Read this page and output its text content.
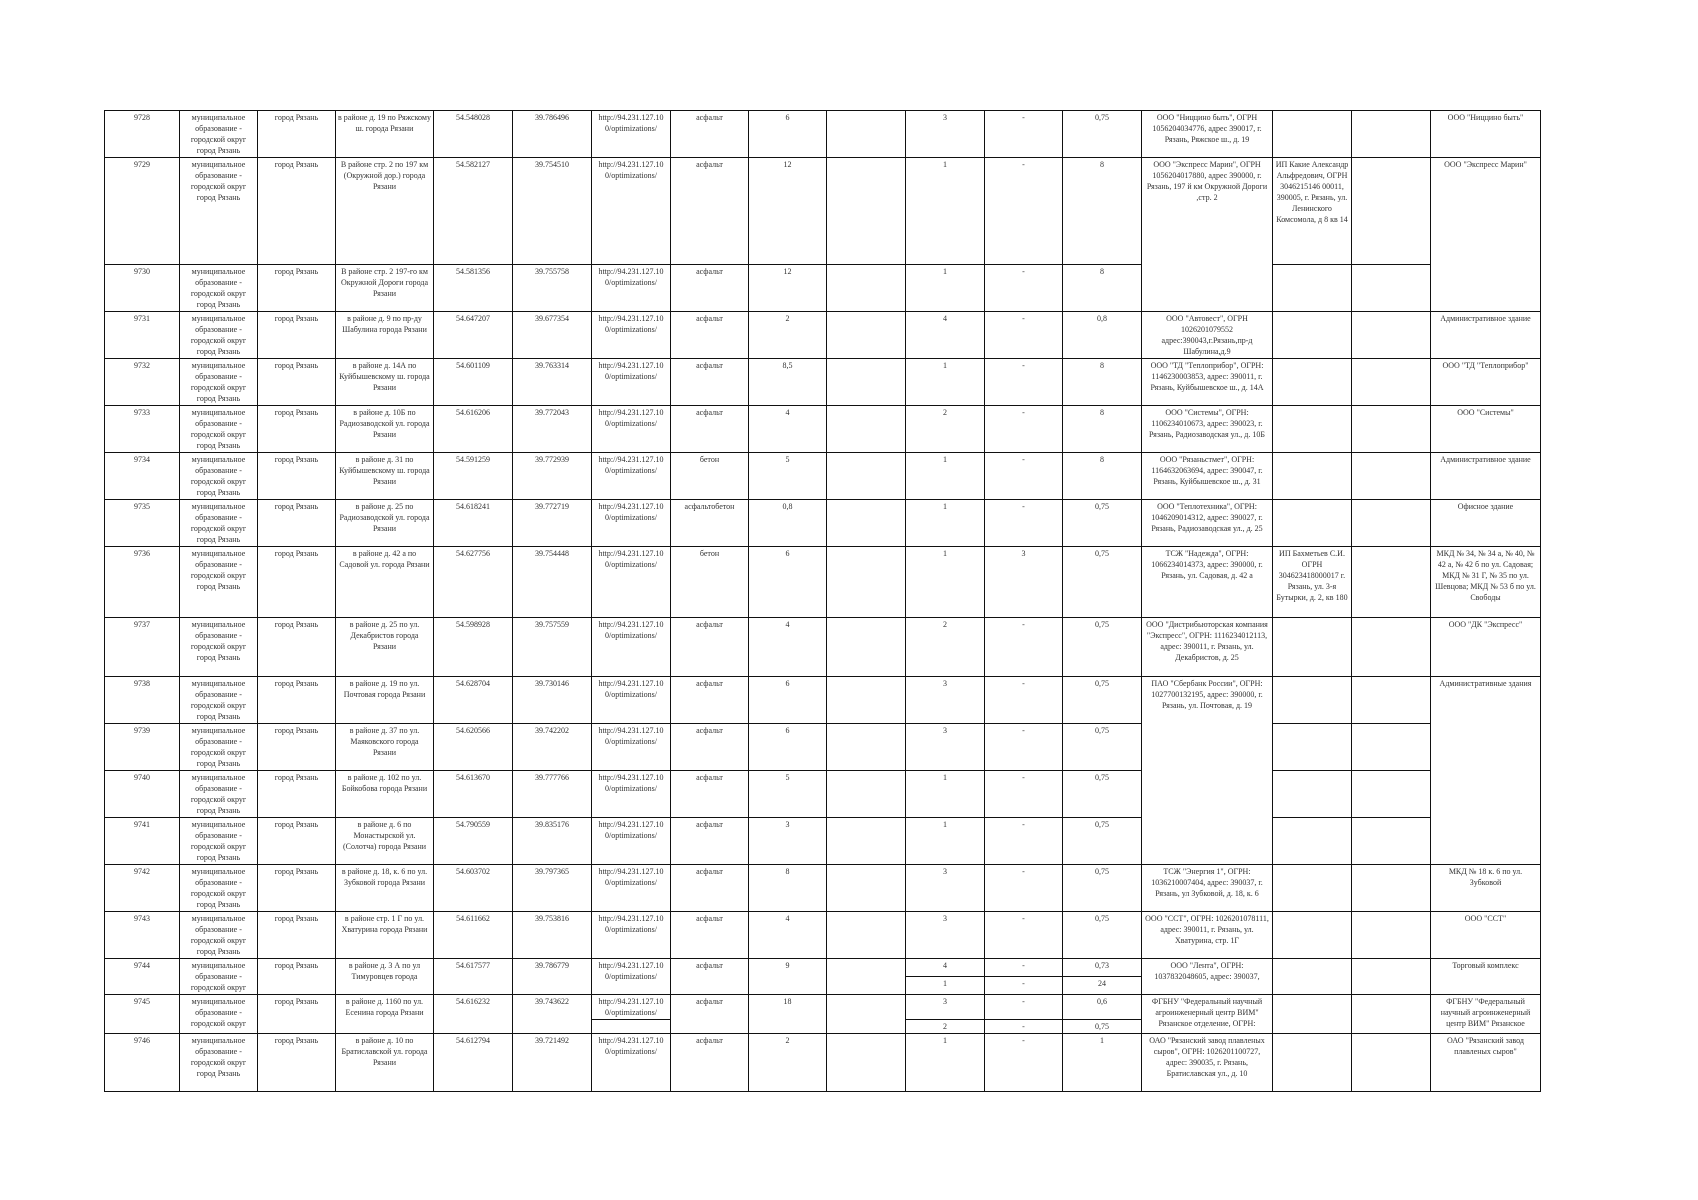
9728	муниципальное образование - городской округ город Рязань	город Рязань	в районе д. 19 по Ряжскому ш. города Рязани	54.548028	39.786496	http://94.231.127.10 0/optimizations/	асфальт	6		3	-	0,75	ООО "Ниццино быть", ОГРН 1056204034776, адрес 390017, г. Рязань, Ряжское ш., д. 19			ООО "Ниццино быть"
9729	муниципальное образование - городской округ город Рязань	город Рязань	В районе стр. 2 по 197 км (Окружной дор.) города Рязани	54.582127	39.754510	http://94.231.127.10 0/optimizations/	асфальт	12		1	-	8	ООО "Экспресс Марин", ОГРН 1056204017880, адрес 390000, г. Рязань, 197 й км Окружной Дороги ,стр. 2	ИП Какие Александр Альфредович, ОГРН 3046215146 00011, 390005, г. Рязань, ул. Ленинского Комсомола, д 8 кв 14		ООО "Экспресс Марин"
9730	муниципальное образование - городской округ город Рязань	город Рязань	В районе стр. 2 197-го км Окружной Дороги города Рязани	54.581356	39.755758	http://94.231.127.10 0/optimizations/	асфальт	12		1	-	8				
9731	муниципальное образование - городской округ город Рязань	город Рязань	в районе д. 9 по пр-ду Шабулина города Рязани	54.647207	39.677354	http://94.231.127.10 0/optimizations/	асфальт	2		4	-	0,8	ООО "Автовест", ОГРН 1026201079552 адрес:390043,г.Рязань,пр-д Шабулина,д.9			Административное здание
9732	муниципальное образование - городской округ город Рязань	город Рязань	в районе д. 14А по Куйбышевскому ш. города Рязани	54.601109	39.763314	http://94.231.127.10 0/optimizations/	асфальт	8,5		1	-	8	ООО "ТД "Теплоприбор", ОГРН: 1146230003853, адрес: 390011, г. Рязань, Куйбышевское ш., д. 14А			ООО "ТД "Теплоприбор"
9733	муниципальное образование - городской округ город Рязань	город Рязань	в районе д. 10Б по Радиозаводской ул. города Рязани	54.616206	39.772043	http://94.231.127.10 0/optimizations/	асфальт	4		2	-	8	ООО "Системы", ОГРН: 1106234010673, адрес: 390023, г. Рязань, Радиозаводская ул., д. 10Б			ООО "Системы"
9734	муниципальное образование - городской округ город Рязань	город Рязань	в районе д. 31 по Куйбышевскому ш. города Рязани	54.591259	39.772939	http://94.231.127.10 0/optimizations/	бетон	5		1	-	8	ООО "Рязаньстмет", ОГРН: 1164632063694, адрес: 390047, г. Рязань, Куйбышевское ш., д. 31			Административное здание
9735	муниципальное образование - городской округ город Рязань	город Рязань	в районе д. 25 по Радиозаводской ул. города Рязани	54.618241	39.772719	http://94.231.127.10 0/optimizations/	асфальтобетон	0,8		1	-	0,75	ООО "Теплотехника", ОГРН: 1046209014312, адрес: 390027, г. Рязань, Радиозаводская ул., д. 25			Офисное здание
9736	муниципальное образование - городской округ город Рязань	город Рязань	в районе д. 42 а по Садовой ул. города Рязани	54.627756	39.754448	http://94.231.127.10 0/optimizations/	бетон	6		1	3	0,75	ТСЖ "Надежда", ОГРН: 1066234014373, адрес: 390000, г. Рязань, ул. Садовая, д. 42 а	ИП Бахметьев С.И. ОГРН 304623418000017 г. Рязань, ул. 3-я Бутырки, д. 2, кв 180		МКД № 34, № 34 а, № 40, № 42 а, № 42 б по ул. Садовая; МКД № 31 Г, № 35 по ул. Шевцова; МКД № 53 б по ул. Свободы
9737	муниципальное образование - городской округ город Рязань	город Рязань	в районе д. 25 по ул. Декабристов города Рязани	54.598928	39.757559	http://94.231.127.10 0/optimizations/	асфальт	4		2	-	0,75	ООО "Дистрибьюторская компания "Экспресс", ОГРН: 1116234012113, адрес: 390011, г. Рязань, ул. Декабристов, д. 25			ООО "ДК "Экспресс"
9738	муниципальное образование - городской округ город Рязань	город Рязань	в районе д. 19 по ул. Почтовая города Рязани	54.628704	39.730146	http://94.231.127.10 0/optimizations/	асфальт	6		3	-	0,75	ПАО "Сбербанк России", ОГРН: 1027700132195, адрес: 390000, г. Рязань, ул. Почтовая, д. 19			Административные здания
9739	муниципальное образование - городской округ город Рязань	город Рязань	в районе д. 37 по ул. Маяковского города Рязани	54.620566	39.742202	http://94.231.127.10 0/optimizations/	асфальт	6		3	-	0,75				
9740	муниципальное образование - городской округ город Рязань	город Рязань	в районе д. 102 по ул. Бойкобова города Рязани	54.613670	39.777766	http://94.231.127.10 0/optimizations/	асфальт	5		1	-	0,75				
9741	муниципальное образование - городской округ город Рязань	город Рязань	в районе д. 6 по Монастырской ул. (Солотча) города Рязани	54.790559	39.835176	http://94.231.127.10 0/optimizations/	асфальт	3		1	-	0,75				
9742	муниципальное образование - городской округ город Рязань	город Рязань	в районе д. 18, к. 6 по ул. Зубковой города Рязани	54.603702	39.797365	http://94.231.127.10 0/optimizations/	асфальт	8		3	-	0,75	ТСЖ "Энергия 1", ОГРН: 1036210007404, адрес: 390037, г. Рязань, ул Зубковой, д. 18, к. 6			МКД № 18 к. 6 по ул. Зубковой
9743	муниципальное образование - городской округ город Рязань	город Рязань	в районе стр. 1 Г по ул. Хватурина города Рязани	54.611662	39.753816	http://94.231.127.10 0/optimizations/	асфальт	4		3	-	0,75	ООО "ССТ", ОГРН: 1026201078111, адрес: 390011, г. Рязань, ул. Хватурина, стр. 1Г			ООО "ССТ"
9744	муниципальное образование - городской округ	город Рязань	в районе д. 3 А по ул Тимуровцев города	54.617577	39.786779	http://94.231.127.10 0/optimizations/	асфальт	9		4	-	0,73	ООО "Лента", ОГРН: 1037832048605, адрес: 390037,			Торговый комплекс
										1	-	24				
9745	муниципальное образование - городской округ	город Рязань	в районе д. 1160 по ул. Есенина города Рязани	54.616232	39.743622	http://94.231.127.10 0/optimizations/	асфальт	18		3	-	0,6	ФГБНУ "Федеральный научный агроинженерный центр ВИМ" Рязанское отделение, ОГРН:			ФГБНУ "Федеральный научный агроинженерный центр ВИМ" Рязанское
										2	-	0,75				
9746	муниципальное образование - городской округ город Рязань	город Рязань	в районе д. 10 по Братиславской ул. города Рязани	54.612794	39.721492	http://94.231.127.10 0/optimizations/	асфальт	2		1	-	1	ОАО "Рязанский завод плавленых сыров", ОГРН: 1026201100727, адрес: 390035, г. Рязань, Братиславская ул., д. 10			ОАО "Рязанский завод плавленых сыров"
